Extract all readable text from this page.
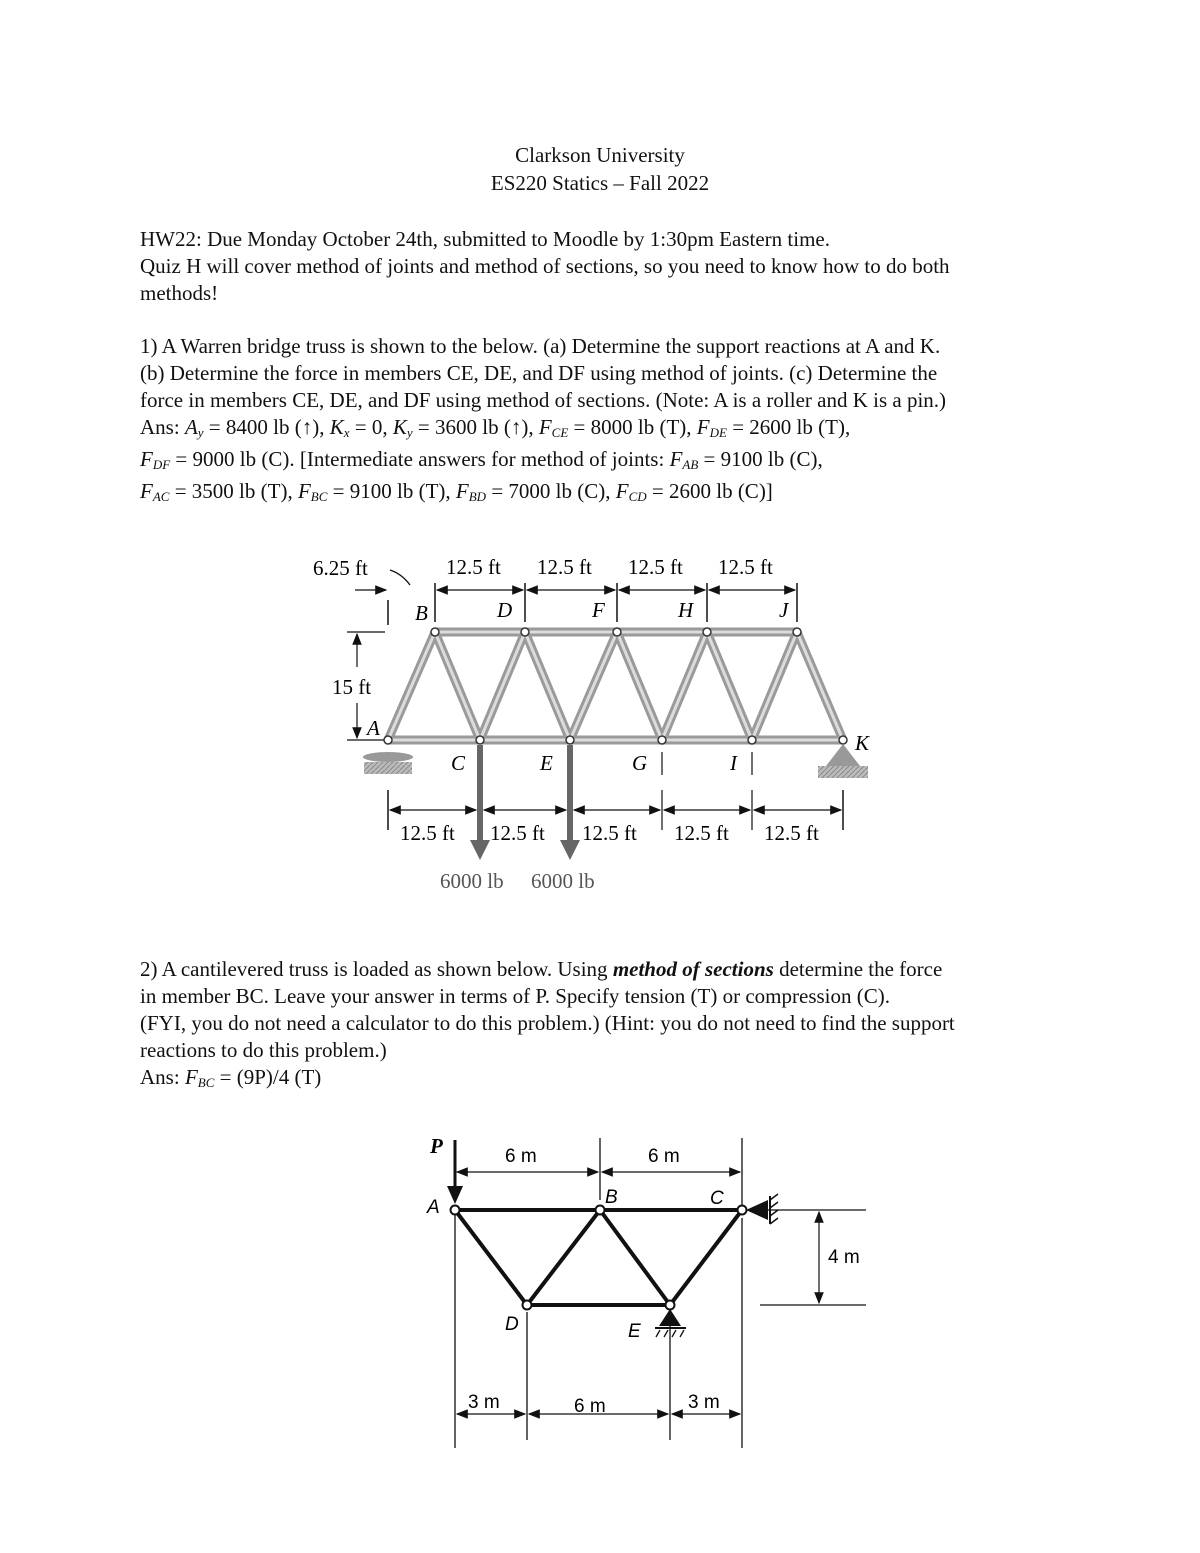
Clarkson University
ES220 Statics – Fall 2022
HW22: Due Monday October 24th, submitted to Moodle by 1:30pm Eastern time.
Quiz H will cover method of joints and method of sections, so you need to know how to do both
methods!
1) A Warren bridge truss is shown to the below. (a) Determine the support reactions at A and K.
(b) Determine the force in members CE, DE, and DF using method of joints. (c) Determine the
force in members CE, DE, and DF using method of sections. (Note: A is a roller and K is a pin.)
Ans: $A_y = 8400$ lb (↑), $K_x = 0$, $K_y = 3600$ lb (↑), $F_{CE} = 8000$ lb (T), $F_{DE} = 2600$ lb (T),
$F_{DF} = 9000$ lb (C). [Intermediate answers for method of joints: $F_{AB} = 9100$ lb (C),
$F_{AC} = 3500$ lb (T), $F_{BC} = 9100$ lb (T), $F_{BD} = 7000$ lb (C), $F_{CD} = 2600$ lb (C)]
6.25 ft	12.5 ft 12.5 ft 12.5 ft 12.5 ft
15 ft
B	D	F	H	J
A
C	E	G	I
K
12.5 ft 12.5 ft 12.5 ft 12.5 ft 12.5 ft
6000 lb 6000 lb
2) A cantilevered truss is loaded as shown below. Using method of sections determine the force
in member BC. Leave your answer in terms of P. Specify tension (T) or compression (C).
(FYI, you do not need a calculator to do this problem.) (Hint: you do not need to find the support
reactions to do this problem.)
Ans: $F_{BC} = (9P)/4$ (T)
6 m	6 m
4 m
3 m	6 m	3 m
P
A	B	C
D	E
